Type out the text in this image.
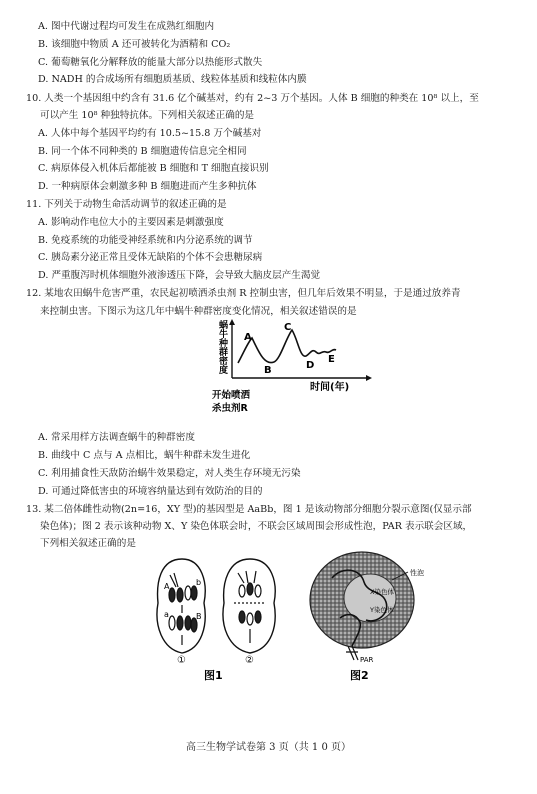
A. 图中代谢过程均可发生在成熟红细胞内
B. 该细胞中物质 A 还可被转化为酒精和 CO₂
C. 葡萄糖氧化分解释放的能量大部分以热能形式散失
D. NADH 的合成场所有细胞质基质、线粒体基质和线粒体内膜
10. 人类一个基因组中约含有 31.6 亿个碱基对，约有 2~3 万个基因。人体 B 细胞的种类在 10⁸ 以上，至
可以产生 10⁸ 种独特抗体。下列相关叙述正确的是
A. 人体中每个基因平均约有 10.5~15.8 万个碱基对
B. 同一个体不同种类的 B 细胞遗传信息完全相同
C. 病原体侵入机体后都能被 B 细胞和 T 细胞直接识别
D. 一种病原体会刺激多种 B 细胞进而产生多种抗体
11. 下列关于动物生命活动调节的叙述正确的是
A. 影响动作电位大小的主要因素是刺激强度
B. 免疫系统的功能受神经系统和内分泌系统的调节
C. 胰岛素分泌正常且受体无缺陷的个体不会患糖尿病
D. 严重腹泻时机体细胞外液渗透压下降，会导致大脑皮层产生渴觉
12. 某地农田蜗牛危害严重，农民起初喷洒杀虫剂 R 控制虫害，但几年后效果不明显，于是通过放养青
来控制虫害。下图示为这几年中蜗牛种群密度变化情况，相关叙述错误的是
蜗牛种群密度 A
B
C
D
E
时间(年)
开始喷洒
杀虫剂R
A. 常采用样方法调查蜗牛的种群密度
B. 曲线中 C 点与 A 点相比，蜗牛种群未发生进化
C. 利用捕食性天敌防治蜗牛效果稳定，对人类生存环境无污染
D. 可通过降低害虫的环境容纳量达到有效防治的目的
13. 某二倍体雌性动物(2n=16，XY 型)的基因型是 AaBb，图 1 是该动物部分细胞分裂示意图(仅显示部
染色体)；图 2 表示该种动物 X、Y 染色体联会时，不联会区域周围会形成性泡，PAR 表示联会区域，
下列相关叙述正确的是
A
a
b
B
①	②
图1
性泡
X染色体
Y染色体
PAR
图2
高三生物学试卷第 3 页（共 1 0 页）
